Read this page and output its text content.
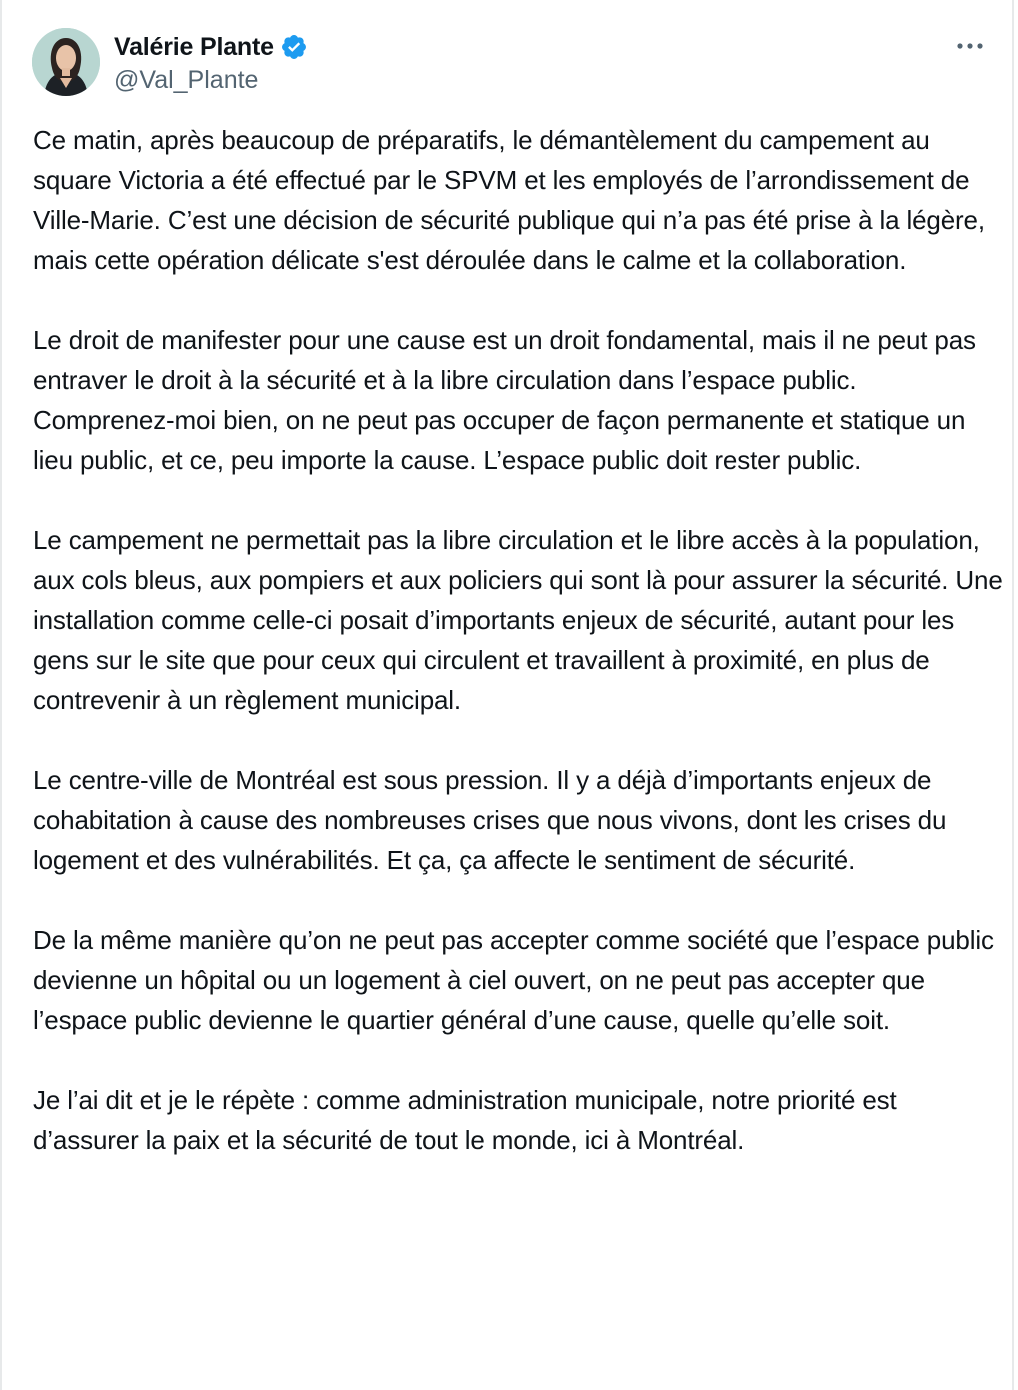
Valérie Plante
@Val_Plante

Ce matin, après beaucoup de préparatifs, le démantèlement du campement au square Victoria a été effectué par le SPVM et les employés de l’arrondissement de Ville-Marie. C’est une décision de sécurité publique qui n’a pas été prise à la légère, mais cette opération délicate s'est déroulée dans le calme et la collaboration.

Le droit de manifester pour une cause est un droit fondamental, mais il ne peut pas entraver le droit à la sécurité et à la libre circulation dans l’espace public. Comprenez-moi bien, on ne peut pas occuper de façon permanente et statique un lieu public, et ce, peu importe la cause. L’espace public doit rester public.

Le campement ne permettait pas la libre circulation et le libre accès à la population, aux cols bleus, aux pompiers et aux policiers qui sont là pour assurer la sécurité. Une installation comme celle-ci posait d’importants enjeux de sécurité, autant pour les gens sur le site que pour ceux qui circulent et travaillent à proximité, en plus de contrevenir à un règlement municipal.

Le centre-ville de Montréal est sous pression. Il y a déjà d’importants enjeux de cohabitation à cause des nombreuses crises que nous vivons, dont les crises du logement et des vulnérabilités. Et ça, ça affecte le sentiment de sécurité.

De la même manière qu’on ne peut pas accepter comme société que l’espace public devienne un hôpital ou un logement à ciel ouvert, on ne peut pas accepter que l’espace public devienne le quartier général d’une cause, quelle qu’elle soit.

Je l’ai dit et je le répète : comme administration municipale, notre priorité est d’assurer la paix et la sécurité de tout le monde, ici à Montréal.
